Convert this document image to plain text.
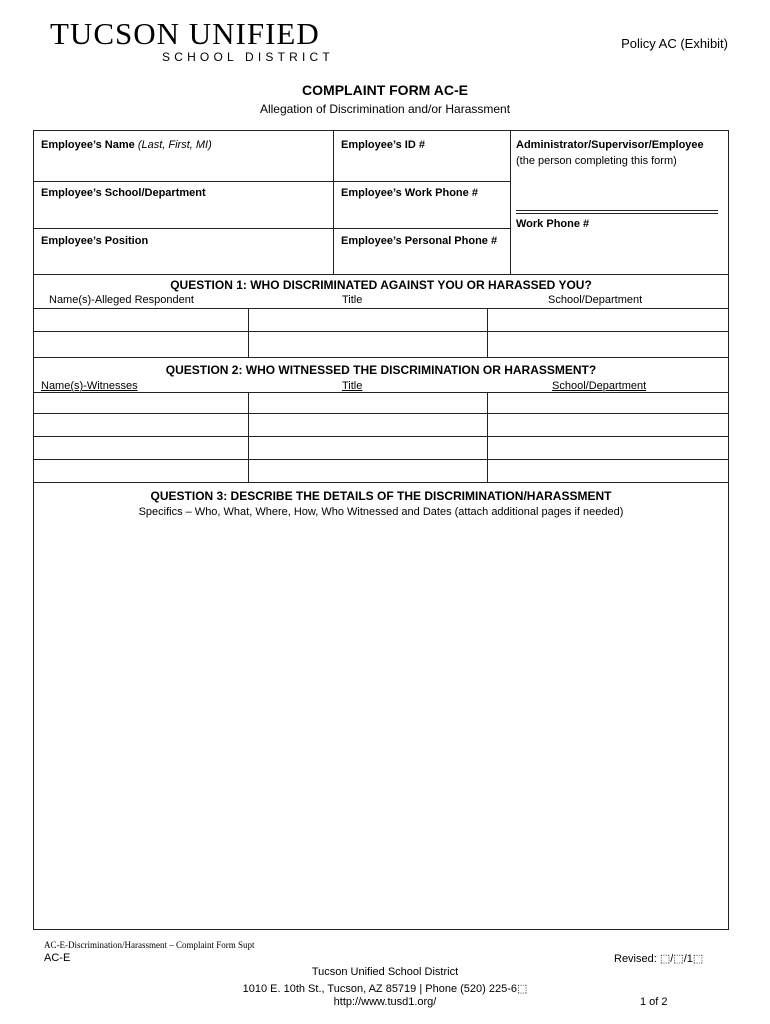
TUCSON UNIFIED
SCHOOL DISTRICT
Policy AC (Exhibit)
COMPLAINT FORM AC-E
Allegation of Discrimination and/or Harassment
Employee’s Name (Last, First, MI)	Employee’s ID #	Administrator/Supervisor/Employee
(the person completing this form)
Employee’s School/Department	Employee’s Work Phone #
Work Phone #
Employee’s Position	Employee’s Personal Phone #
QUESTION 1: WHO DISCRIMINATED AGAINST YOU OR HARASSED YOU?
Name(s)-Alleged Respondent	Title	School/Department
QUESTION 2: WHO WITNESSED THE DISCRIMINATION OR HARASSMENT?
Name(s)-Witnesses	Title	School/Department
QUESTION 3: DESCRIBE THE DETAILS OF THE DISCRIMINATION/HARASSMENT
Specifics – Who, What, Where, How, Who Witnessed and Dates (attach additional pages if needed)
AC-E-Discrimination/Harassment – Complaint Form Supt
AC-E	Revised: ⬚/⬚/1⬚
Tucson Unified School District
1010 E. 10th St., Tucson, AZ 85719 | Phone (520) 225-6⬚
http://www.tusd1.org/	1 of 2
